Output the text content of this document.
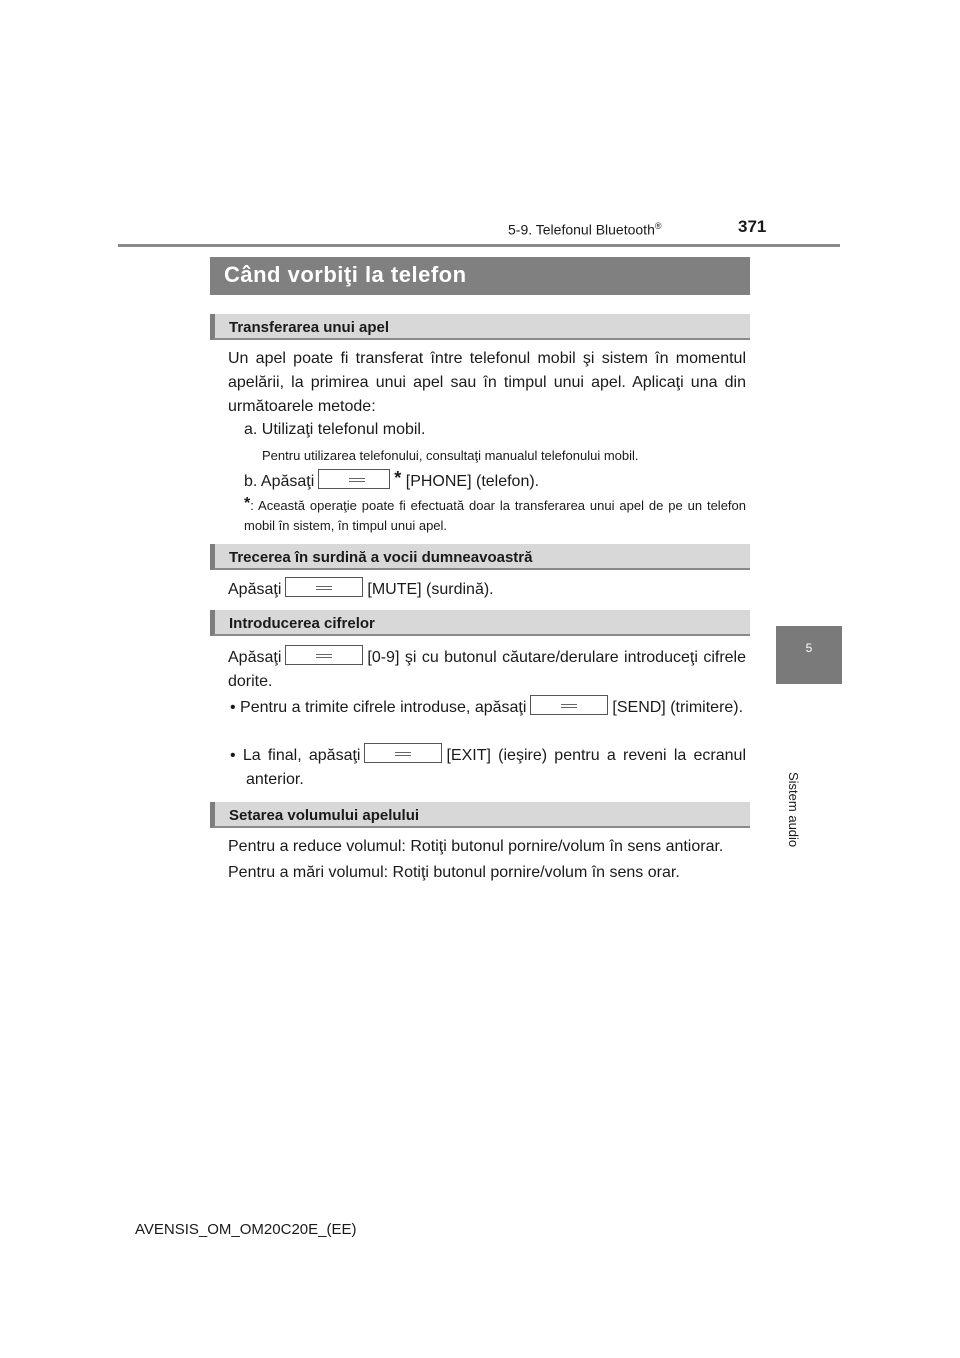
5-9. Telefonul Bluetooth®	371
5
Sistem audio
Când vorbiţi la telefon
Transferarea unui apel
Un apel poate fi transferat între telefonul mobil şi sistem în momentul apelării, la primirea unui apel sau în timpul unui apel. Aplicaţi una din următoarele metode:
a. Utilizaţi telefonul mobil.
Pentru utilizarea telefonului, consultaţi manualul telefonului mobil.
b. Apăsaţi	* [PHONE] (telefon).
*: Această operaţie poate fi efectuată doar la transferarea unui apel de pe un telefon mobil în sistem, în timpul unui apel.
Trecerea în surdină a vocii dumneavoastră
Apăsaţi	[MUTE] (surdină).
Introducerea cifrelor
Apăsaţi	[0-9] şi cu butonul căutare/derulare introduceţi cifrele dorite.
• Pentru a trimite cifrele introduse, apăsaţi	[SEND] (trimitere).
• La final, apăsaţi	[EXIT] (ieşire) pentru a reveni la ecranul anterior.
Setarea volumului apelului
Pentru a reduce volumul: Rotiţi butonul pornire/volum în sens antiorar.
Pentru a mări volumul: Rotiţi butonul pornire/volum în sens orar.
AVENSIS_OM_OM20C20E_(EE)
